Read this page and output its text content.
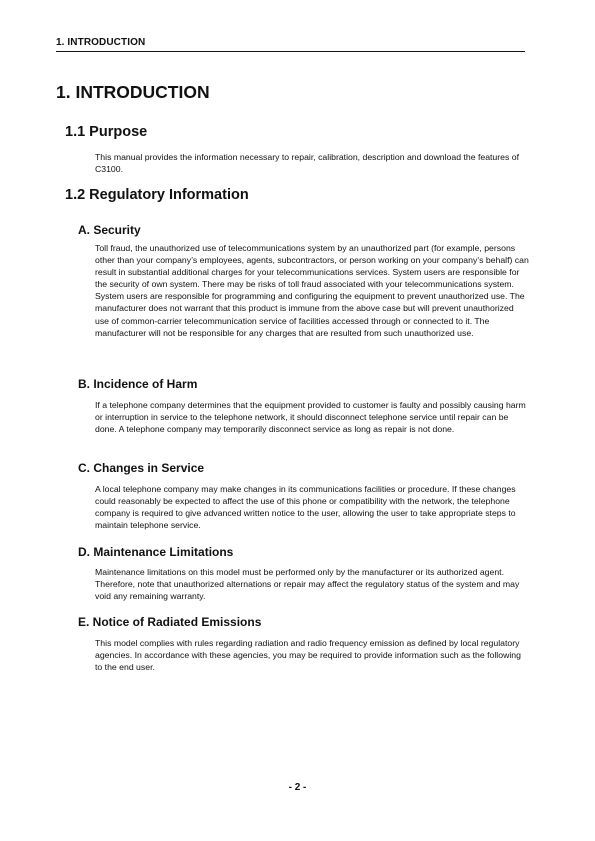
1. INTRODUCTION
1. INTRODUCTION
1.1 Purpose

This manual provides the information necessary to repair, calibration, description and download the features of C3100.

1.2 Regulatory Information
A. Security

Toll fraud, the unauthorized use of telecommunications system by an unauthorized part (for example, persons other than your company’s employees, agents, subcontractors, or person working on your company’s behalf) can result in substantial additional charges for your telecommunications services. System users are responsible for the security of own system. There may be risks of toll fraud associated with your telecommunications system. System users are responsible for programming and configuring the equipment to prevent unauthorized use. The manufacturer does not warrant that this product is immune from the above case but will prevent unauthorized use of common-carrier telecommunication service of facilities accessed through or connected to it. The manufacturer will not be responsible for any charges that are resulted from such unauthorized use.

B. Incidence of Harm

If a telephone company determines that the equipment provided to customer is faulty and possibly causing harm or interruption in service to the telephone network, it should disconnect telephone service until repair can be done. A telephone company may temporarily disconnect service as long as repair is not done.

C. Changes in Service

A local telephone company may make changes in its communications facilities or procedure. If these changes could reasonably be expected to affect the use of this phone or compatibility with the network, the telephone company is required to give advanced written notice to the user, allowing the user to take appropriate steps to maintain telephone service.

D. Maintenance Limitations

Maintenance limitations on this model must be performed only by the manufacturer or its authorized agent. Therefore, note that unauthorized alternations or repair may affect the regulatory status of the system and may void any remaining warranty.

E. Notice of Radiated Emissions

This model complies with rules regarding radiation and radio frequency emission as defined by local regulatory agencies. In accordance with these agencies, you may be required to provide information such as the following to the end user.

- 2 -
